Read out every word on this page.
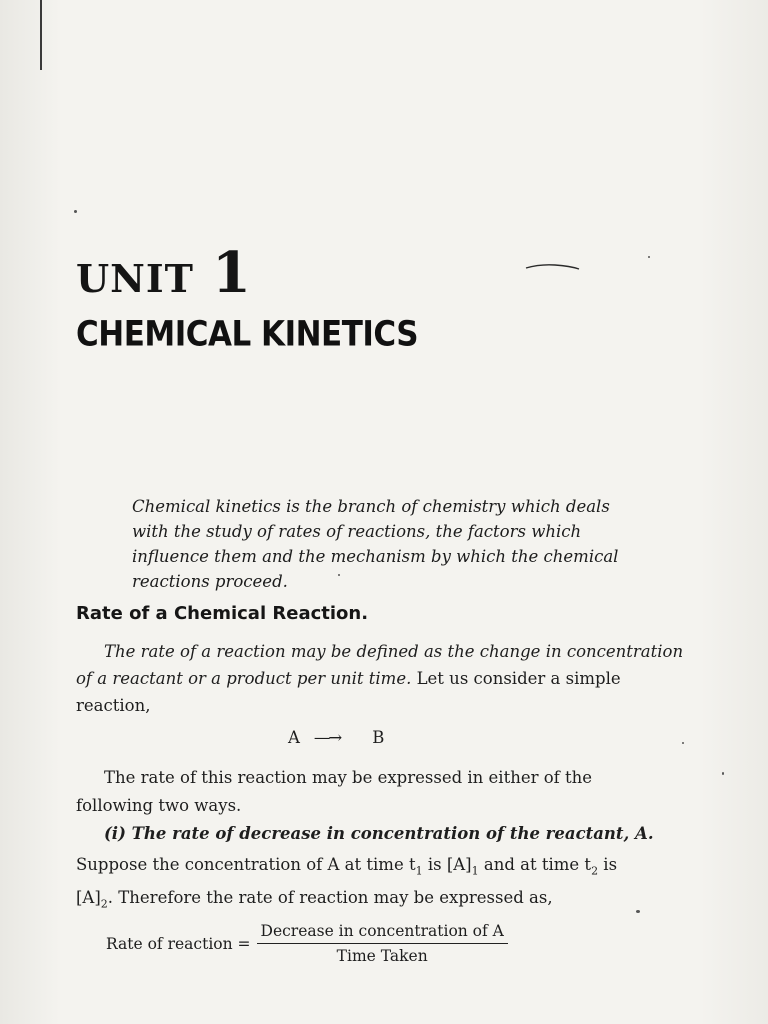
UNIT 1
CHEMICAL KINETICS
Chemical kinetics is the branch of chemistry which deals
with the study of rates of reactions, the factors which
influence them and the mechanism by which the chemical
reactions proceed.
Rate of a Chemical Reaction.
The rate of a reaction may be defined as the change in concentration
of a reactant or a product per unit time. Let us consider a simple
reaction,
A —→ B
The rate of this reaction may be expressed in either of the
following two ways.
(i) The rate of decrease in concentration of the reactant, A.
Suppose the concentration of A at time $t_1$ is $[A]_1$ and at time $t_2$ is
$[A]_2$. Therefore the rate of reaction may be expressed as,
Rate of reaction = $\frac{\text{Decrease in concentration of A}}{\text{Time Taken}}$
